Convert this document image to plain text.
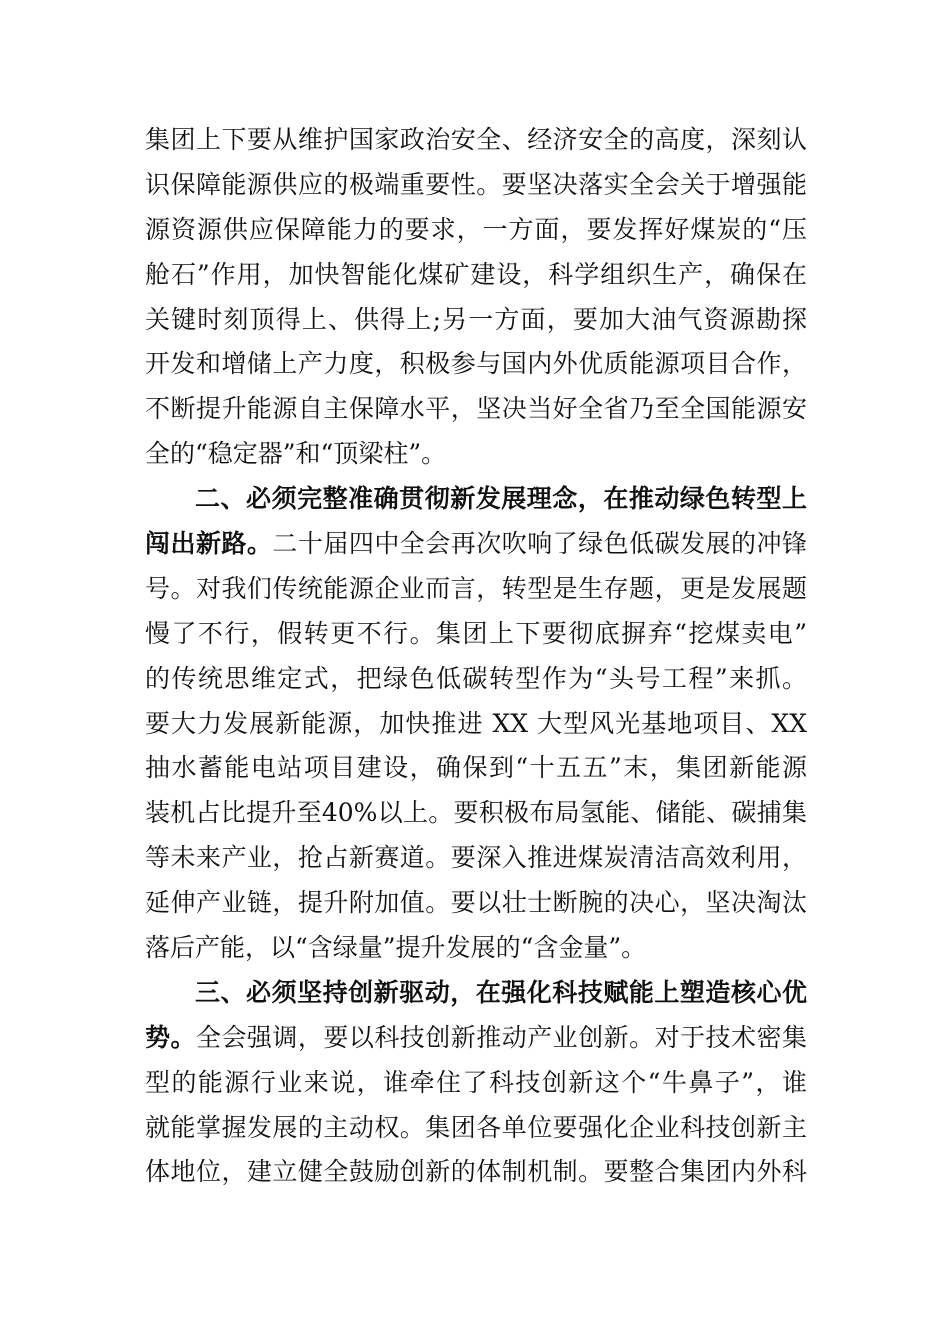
集团上下要从维护国家政治安全、经济安全的高度，深刻认
识保障能源供应的极端重要性。要坚决落实全会关于增强能
源资源供应保障能力的要求，一方面，要发挥好煤炭的“压
舱石”作用，加快智能化煤矿建设，科学组织生产，确保在
关键时刻顶得上、供得上;另一方面，要加大油气资源勘探
开发和增储上产力度，积极参与国内外优质能源项目合作，
不断提升能源自主保障水平，坚决当好全省乃至全国能源安
全的“稳定器”和“顶梁柱”。
二、必须完整准确贯彻新发展理念，在推动绿色转型上
闯出新路。二十届四中全会再次吹响了绿色低碳发展的冲锋
号。对我们传统能源企业而言，转型是生存题，更是发展题
慢了不行，假转更不行。集团上下要彻底摒弃“挖煤卖电”
的传统思维定式，把绿色低碳转型作为“头号工程”来抓。
要大力发展新能源，加快推进 XX 大型风光基地项目、XX
抽水蓄能电站项目建设，确保到“十五五”末，集团新能源
装机占比提升至40%以上。要积极布局氢能、储能、碳捕集
等未来产业，抢占新赛道。要深入推进煤炭清洁高效利用，
延伸产业链，提升附加值。要以壮士断腕的决心，坚决淘汰
落后产能，以“含绿量”提升发展的“含金量”。
三、必须坚持创新驱动，在强化科技赋能上塑造核心优
势。全会强调，要以科技创新推动产业创新。对于技术密集
型的能源行业来说，谁牵住了科技创新这个“牛鼻子”，谁
就能掌握发展的主动权。集团各单位要强化企业科技创新主
体地位，建立健全鼓励创新的体制机制。要整合集团内外科
